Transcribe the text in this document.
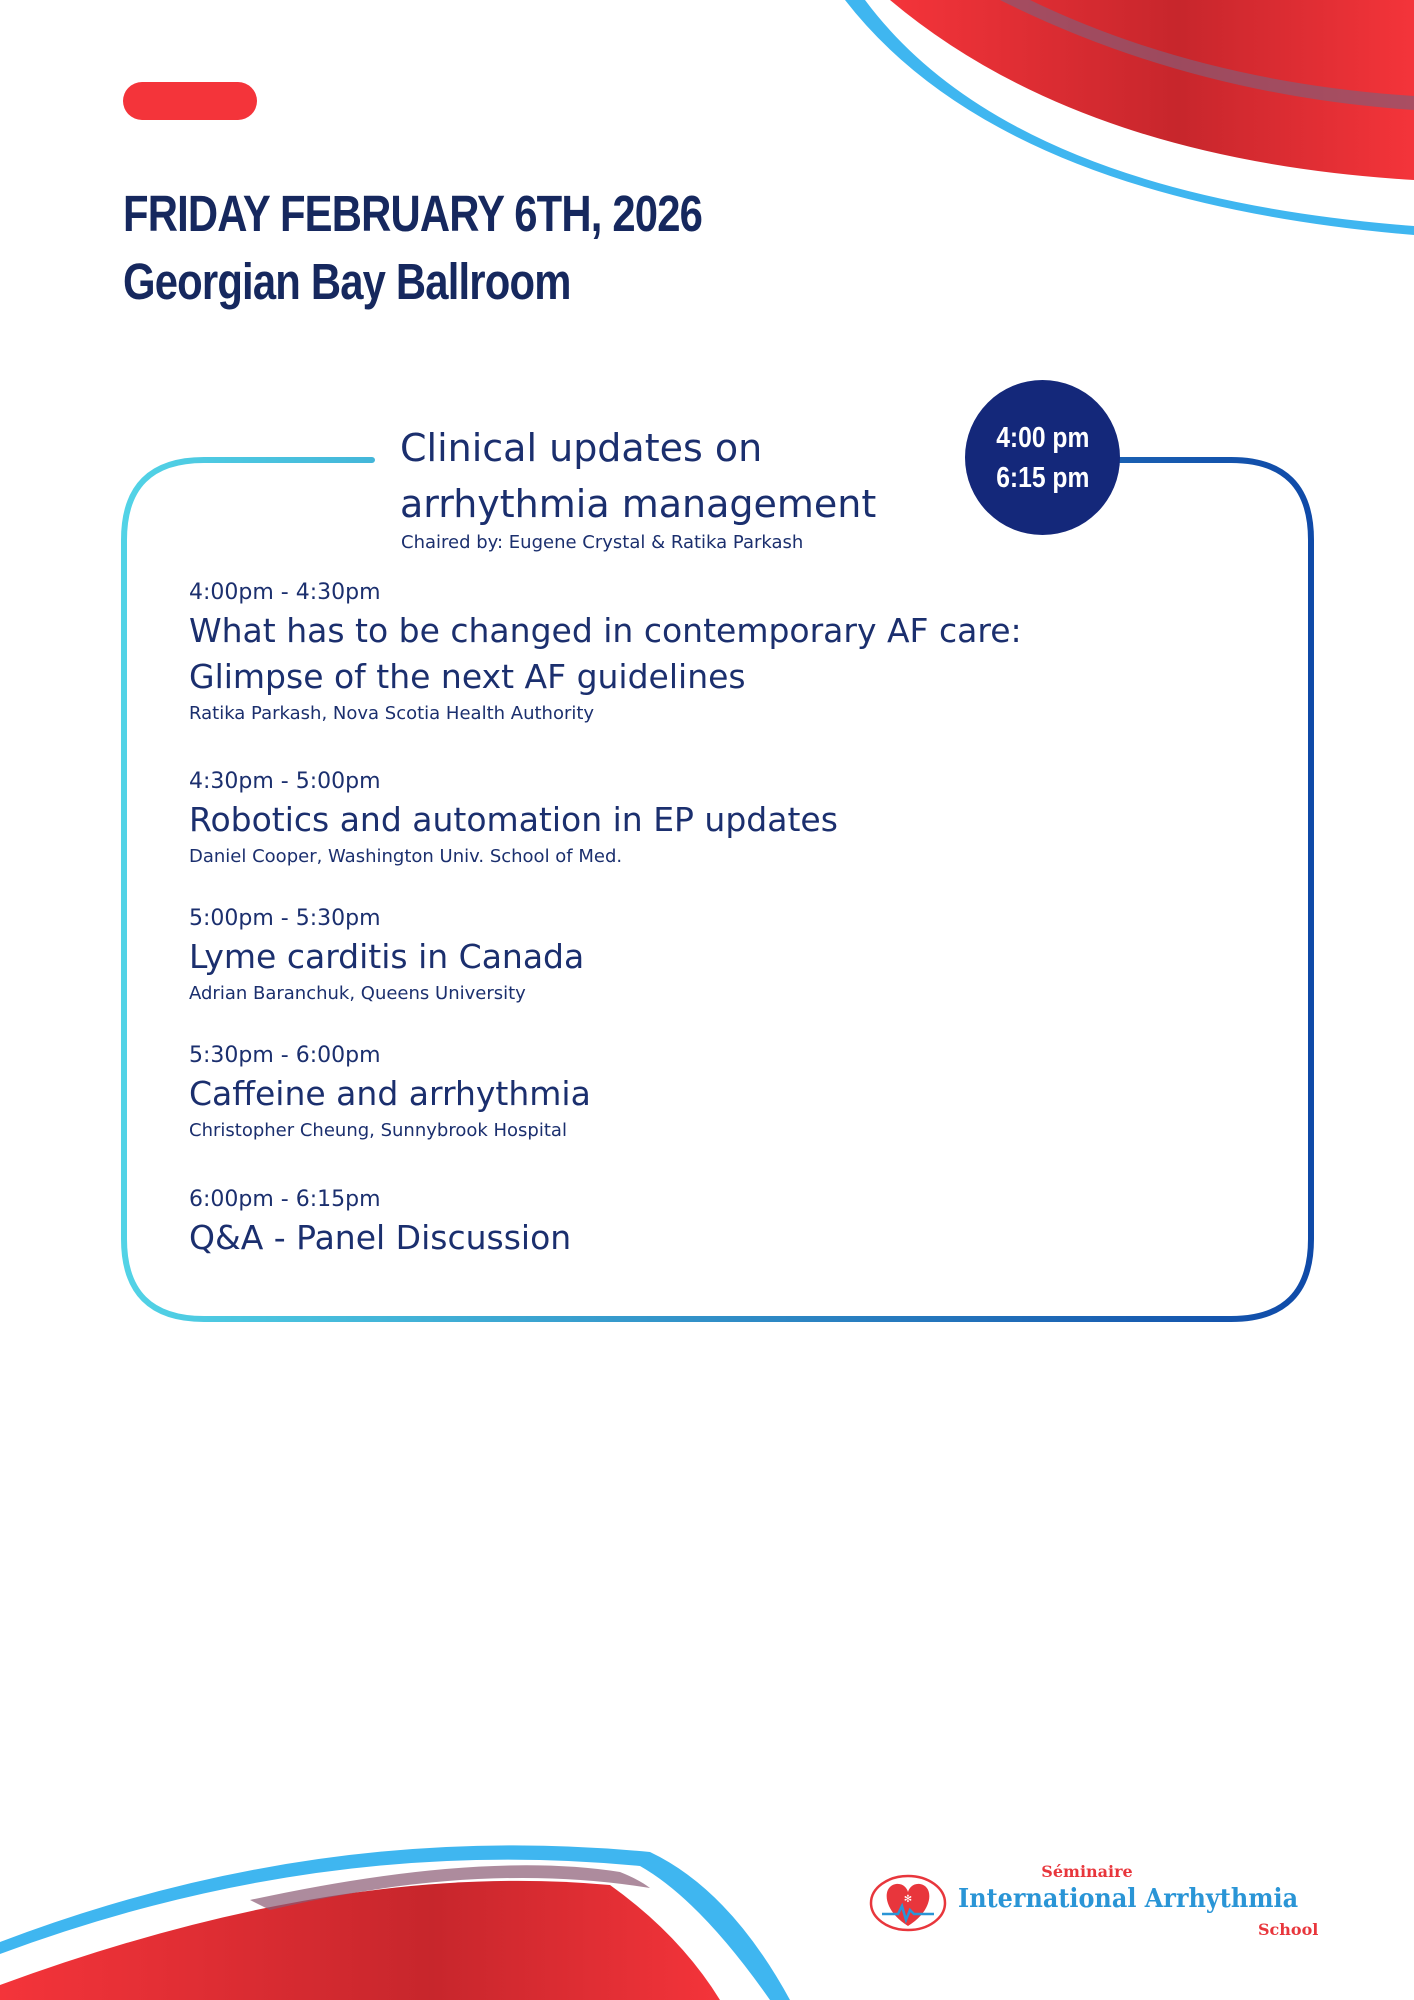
FRIDAY FEBRUARY 6TH, 2026
Georgian Bay Ballroom
4:00 pm
6:15 pm
Clinical updates on arrhythmia management

Chaired by: Eugene Crystal & Ratika Parkash

4:00pm - 4:30pm
What has to be changed in contemporary AF care: Glimpse of the next AF guidelines
Ratika Parkash, Nova Scotia Health Authority
4:30pm - 5:00pm
Robotics and automation in EP updates
Daniel Cooper, Washington Univ. School of Med.
5:00pm - 5:30pm
Lyme carditis in Canada
Adrian Baranchuk, Queens University
5:30pm - 6:00pm
Caffeine and arrhythmia
Christopher Cheung, Sunnybrook Hospital
6:00pm - 6:15pm
Q&A - Panel Discussion
✻
Séminaire
International Arrhythmia
School
